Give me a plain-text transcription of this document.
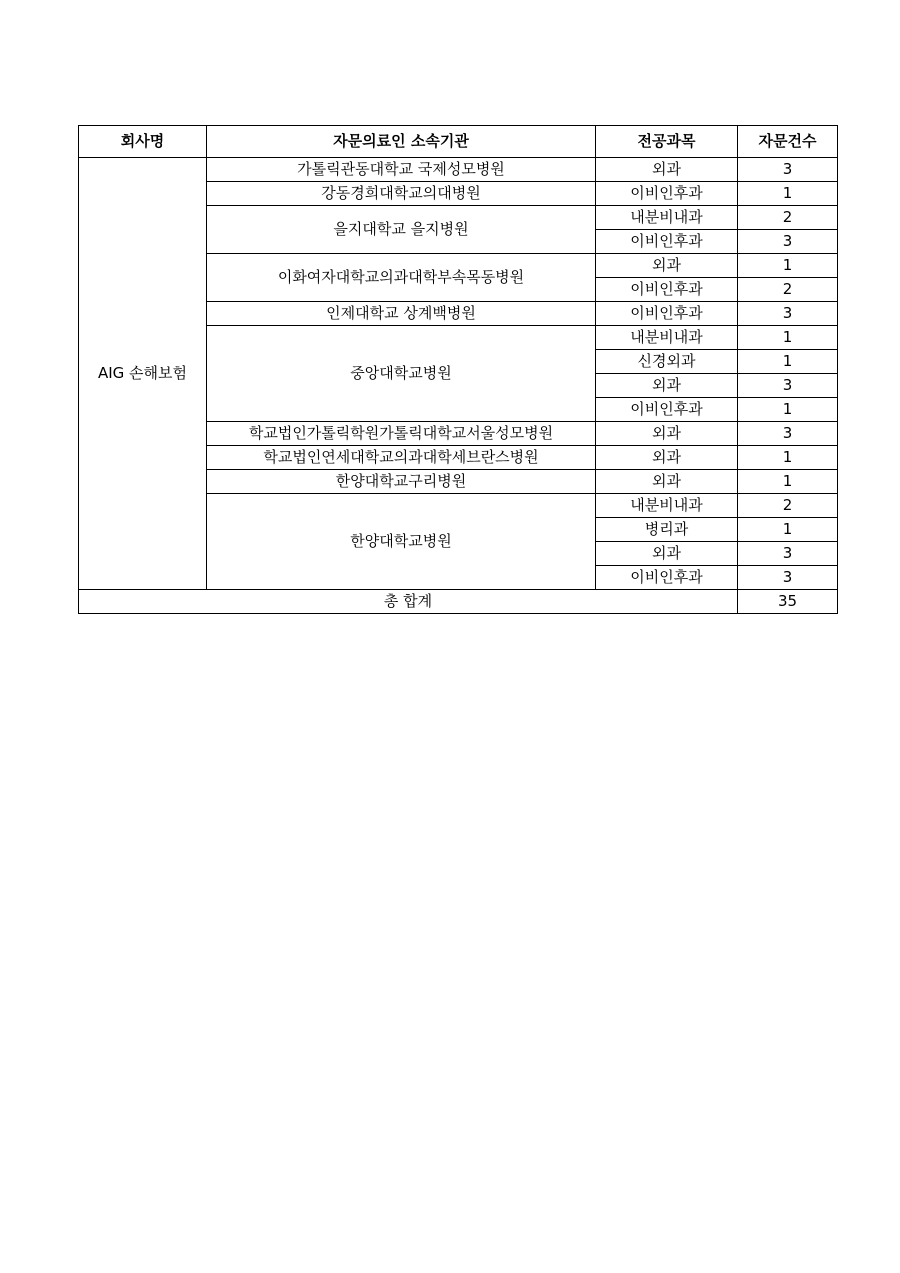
회사명	자문의료인 소속기관	전공과목	자문건수
AIG 손해보험	가톨릭관동대학교 국제성모병원	외과	3
	강동경희대학교의대병원	이비인후과	1
	을지대학교 을지병원	내분비내과	2
		이비인후과	3
	이화여자대학교의과대학부속목동병원	외과	1
		이비인후과	2
	인제대학교 상계백병원	이비인후과	3
	중앙대학교병원	내분비내과	1
		신경외과	1
		외과	3
		이비인후과	1
	학교법인가톨릭학원가톨릭대학교서울성모병원	외과	3
	학교법인연세대학교의과대학세브란스병원	외과	1
	한양대학교구리병원	외과	1
	한양대학교병원	내분비내과	2
		병리과	1
		외과	3
		이비인후과	3
총 합계			35
